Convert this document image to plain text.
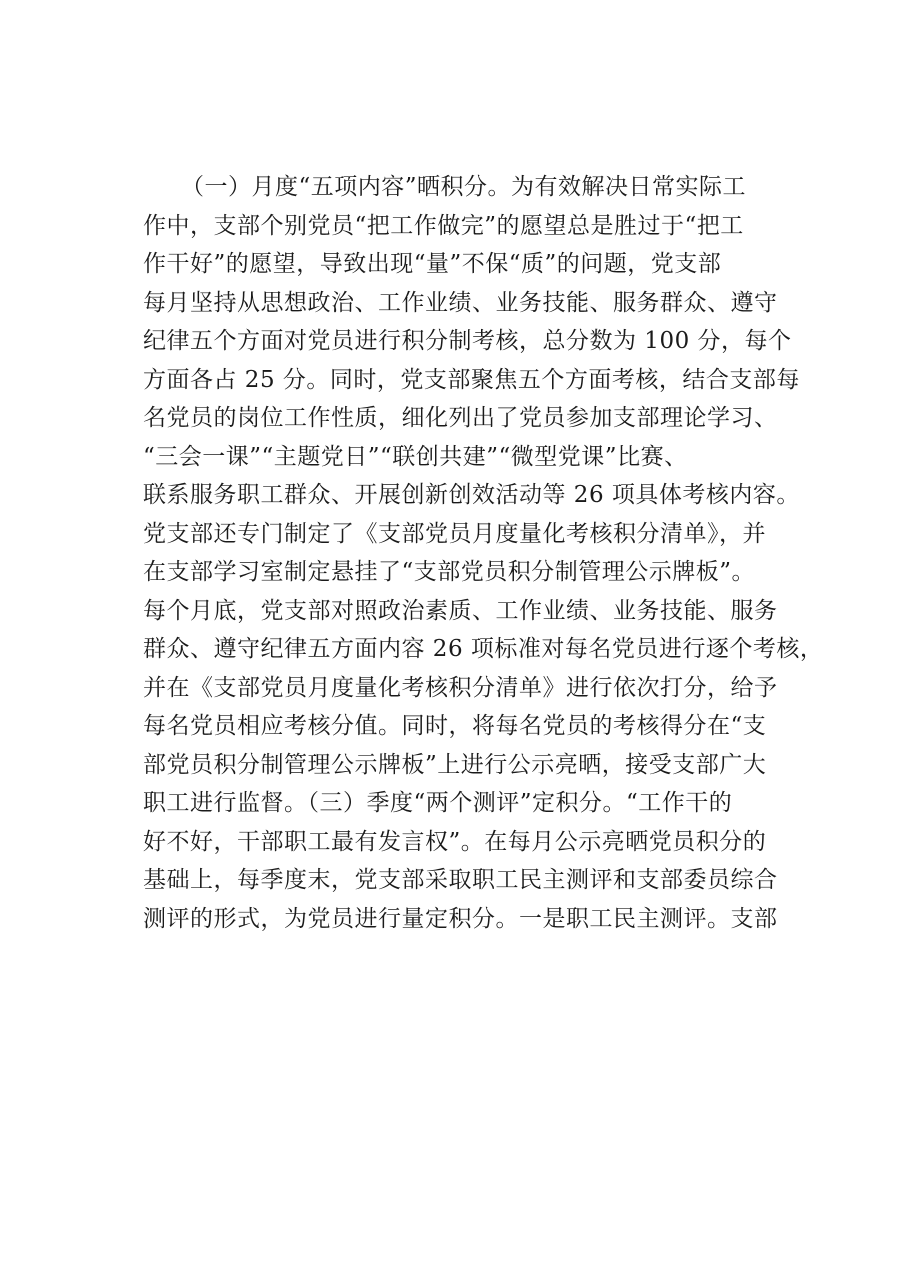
（一）月度“五项内容”晒积分。为有效解决日常实际工
作中，支部个别党员“把工作做完”的愿望总是胜过于“把工
作干好”的愿望，导致出现“量”不保“质”的问题，党支部
每月坚持从思想政治、工作业绩、业务技能、服务群众、遵守
纪律五个方面对党员进行积分制考核，总分数为 100 分，每个
方面各占 25 分。同时，党支部聚焦五个方面考核，结合支部每
名党员的岗位工作性质，细化列出了党员参加支部理论学习、
“三会一课”“主题党日”“联创共建”“微型党课”比赛、
联系服务职工群众、开展创新创效活动等 26 项具体考核内容。
党支部还专门制定了《支部党员月度量化考核积分清单》，并
在支部学习室制定悬挂了“支部党员积分制管理公示牌板”。
每个月底，党支部对照政治素质、工作业绩、业务技能、服务
群众、遵守纪律五方面内容 26 项标准对每名党员进行逐个考核，
并在《支部党员月度量化考核积分清单》进行依次打分，给予
每名党员相应考核分值。同时，将每名党员的考核得分在“支
部党员积分制管理公示牌板”上进行公示亮晒，接受支部广大
职工进行监督。（三）季度“两个测评”定积分。“工作干的
好不好，干部职工最有发言权”。在每月公示亮晒党员积分的
基础上，每季度末，党支部采取职工民主测评和支部委员综合
测评的形式，为党员进行量定积分。一是职工民主测评。支部
